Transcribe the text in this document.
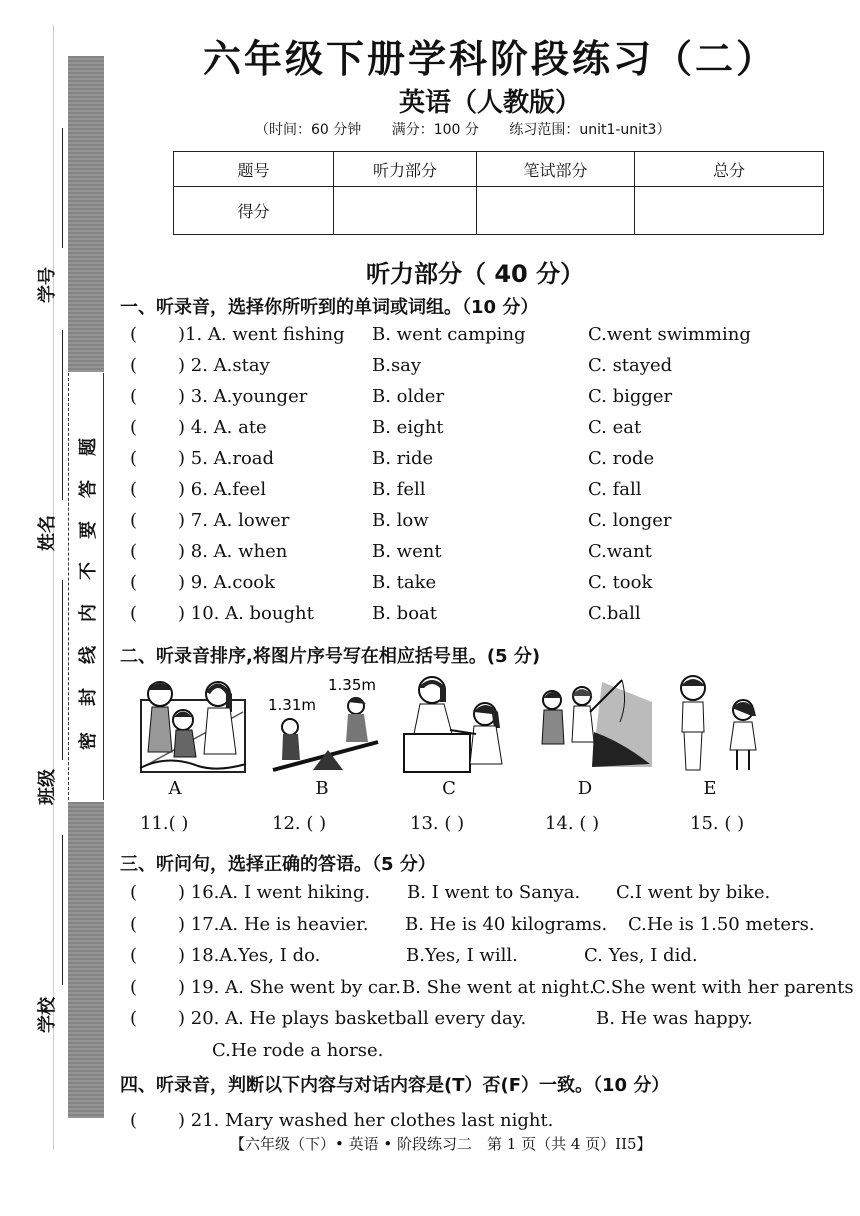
密
封
线
内
不
要
答
题
学号
姓名
班级
学校
六年级下册学科阶段练习（二）
英语（人教版）
（时间：60 分钟 满分：100 分 练习范围：unit1-unit3）
题号	听力部分	笔试部分	总分
得分			
听力部分（ 40 分）
一、听录音，选择你所听到的单词或词组。（10 分）
( )1. A. went fishing B. went camping	C.went swimming
( ) 2. A.stay	B.say	C. stayed
( ) 3. A.younger	B. older	C. bigger
( ) 4. A. ate	B. eight	C. eat
( ) 5. A.road	B. ride	C. rode
( ) 6. A.feel	B. fell	C. fall
( ) 7. A. lower	B. low	C. longer
( ) 8. A. when	B. went	C.want
( ) 9. A.cook	B. take	C. took
( ) 10. A. bought	B. boat	C.ball
二、听录音排序,将图片序号写在相应括号里。(5 分)
1.31m
1.35m
A	B	C	D	E
11.( )	12. ( )	13. ( )	14. ( )	15. ( )
三、听问句，选择正确的答语。（5 分）
( ) 16.A. I went hiking. B. I went to Sanya. C.I went by bike.
( ) 17.A. He is heavier. B. He is 40 kilograms. C.He is 1.50 meters.
( ) 18.A.Yes, I do.	B.Yes, I will.	C. Yes, I did.
( ) 19. A. She went by car. B. She went at night.
C.She went with her parents
( ) 20. A. He plays basketball every day.	B. He was happy.
C.He rode a horse.
四、听录音，判断以下内容与对话内容是(T）否(F）一致。（10 分）
( ) 21. Mary washed her clothes last night.
【六年级（下）• 英语 • 阶段练习二　第 1 页（共 4 页）II5】
